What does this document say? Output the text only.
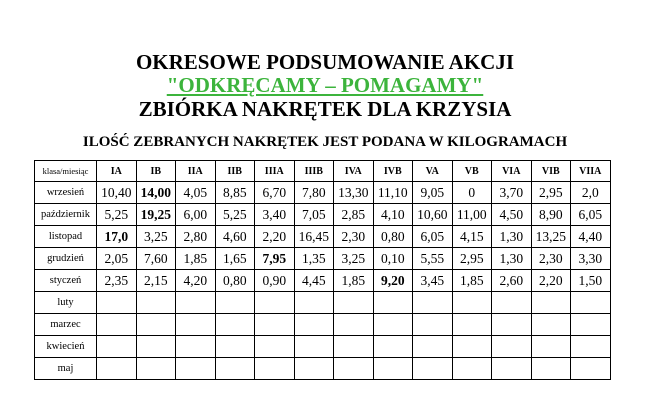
OKRESOWE PODSUMOWANIE AKCJI
"ODKRĘCAMY – POMAGAMY"
ZBIÓRKA NAKRĘTEK DLA KRZYSIA
ILOŚĆ ZEBRANYCH NAKRĘTEK JEST PODANA W KILOGRAMACH
klasa/miesiąc	IA	IB	IIA	IIB	IIIA	IIIB	IVA	IVB	VA	VB	VIA	VIB	VIIA
wrzesień	10,40	14,00	4,05	8,85	6,70	7,80	13,30	11,10	9,05	0	3,70	2,95	2,0
październik	5,25	19,25	6,00	5,25	3,40	7,05	2,85	4,10	10,60	11,00	4,50	8,90	6,05
listopad	17,0	3,25	2,80	4,60	2,20	16,45	2,30	0,80	6,05	4,15	1,30	13,25	4,40
grudzień	2,05	7,60	1,85	1,65	7,95	1,35	3,25	0,10	5,55	2,95	1,30	2,30	3,30
styczeń	2,35	2,15	4,20	0,80	0,90	4,45	1,85	9,20	3,45	1,85	2,60	2,20	1,50
luty													
marzec													
kwiecień													
maj													
